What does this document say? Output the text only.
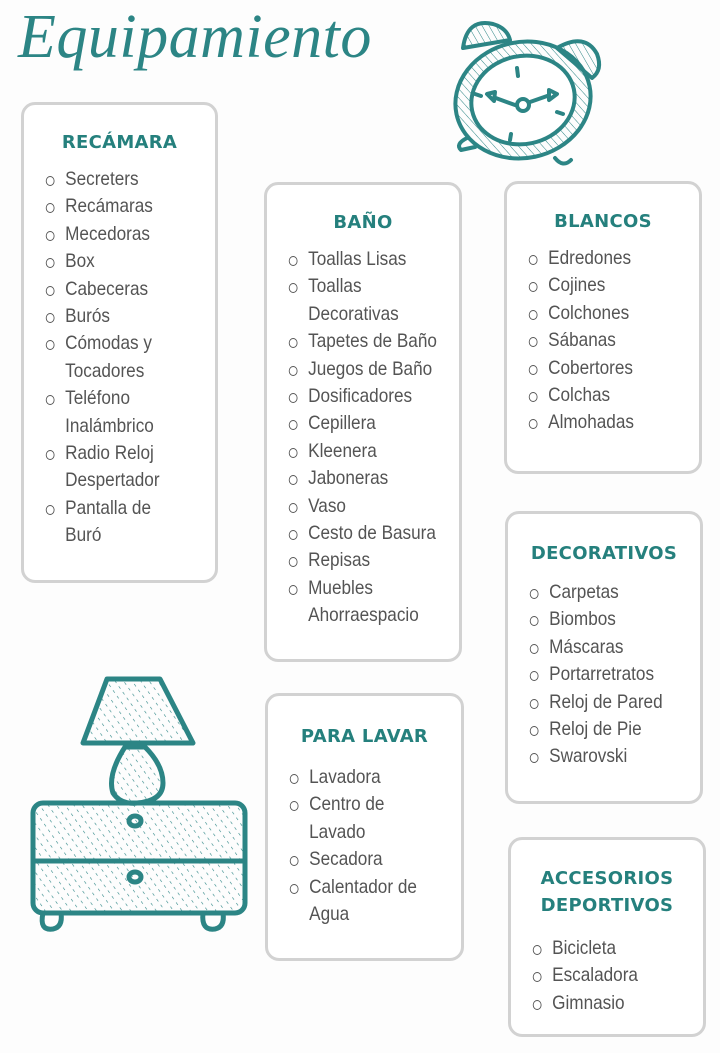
Equipamiento
RECÁMARA
Secreters
Recámaras
Mecedoras
Box
Cabeceras
Burós
Cómodas y
Tocadores
Teléfono
Inalámbrico
Radio Reloj
Despertador
Pantalla de
Buró
BAÑO
Toallas Lisas
Toallas
Decorativas
Tapetes de Baño
Juegos de Baño
Dosificadores
Cepillera
Kleenera
Jaboneras
Vaso
Cesto de Basura
Repisas
Muebles
Ahorraespacio
BLANCOS
Edredones
Cojines
Colchones
Sábanas
Cobertores
Colchas
Almohadas
DECORATIVOS
Carpetas
Biombos
Máscaras
Portarretratos
Reloj de Pared
Reloj de Pie
Swarovski
PARA LAVAR
Lavadora
Centro de
Lavado
Secadora
Calentador de
Agua
ACCESORIOS
DEPORTIVOS
Bicicleta
Escaladora
Gimnasio
